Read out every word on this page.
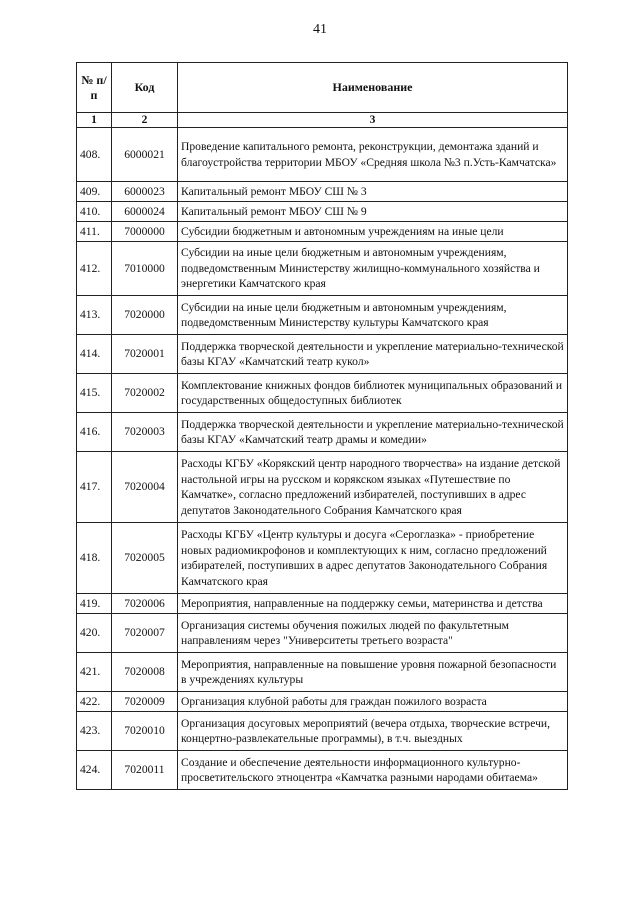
41
№ п/п	Код	Наименование
1	2	3
408.	6000021	Проведение капитального ремонта, реконструкции, демонтажа зданий и благоустройства территории МБОУ «Средняя школа №3 п.Усть-Камчатска»
409.	6000023	Капитальный ремонт МБОУ СШ № 3
410.	6000024	Капитальный ремонт МБОУ СШ № 9
411.	7000000	Субсидии бюджетным и автономным учреждениям на иные цели
412.	7010000	Субсидии на иные цели бюджетным и автономным учреждениям, подведомственным Министерству жилищно-коммунального хозяйства и энергетики Камчатского края
413.	7020000	Субсидии на иные цели бюджетным и автономным учреждениям, подведомственным Министерству культуры Камчатского края
414.	7020001	Поддержка творческой деятельности и укрепление материально-технической базы КГАУ «Камчатский театр кукол»
415.	7020002	Комплектование книжных фондов библиотек муниципальных образований и государственных общедоступных библиотек
416.	7020003	Поддержка творческой деятельности и укрепление материально-технической базы КГАУ «Камчатский театр драмы и комедии»
417.	7020004	Расходы КГБУ «Корякский центр народного творчества» на издание детской настольной игры на русском и корякском языках «Путешествие по Камчатке», согласно предложений избирателей, поступивших в адрес депутатов Законодательного Собрания Камчатского края
418.	7020005	Расходы КГБУ «Центр культуры и досуга «Сероглазка» - приобретение новых радиомикрофонов и комплектующих к ним, согласно предложений избирателей, поступивших в адрес депутатов Законодательного Собрания Камчатского края
419.	7020006	Мероприятия, направленные на поддержку семьи, материнства и детства
420.	7020007	Организация системы обучения пожилых людей по факультетным направлениям через "Университеты третьего возраста"
421.	7020008	Мероприятия, направленные на повышение уровня пожарной безопасности в учреждениях культуры
422.	7020009	Организация клубной работы для граждан пожилого возраста
423.	7020010	Организация досуговых мероприятий (вечера отдыха, творческие встречи, концертно-развлекательные программы), в т.ч. выездных
424.	7020011	Создание и обеспечение деятельности информационного культурно-просветительского этноцентра «Камчатка разными народами обитаема»
